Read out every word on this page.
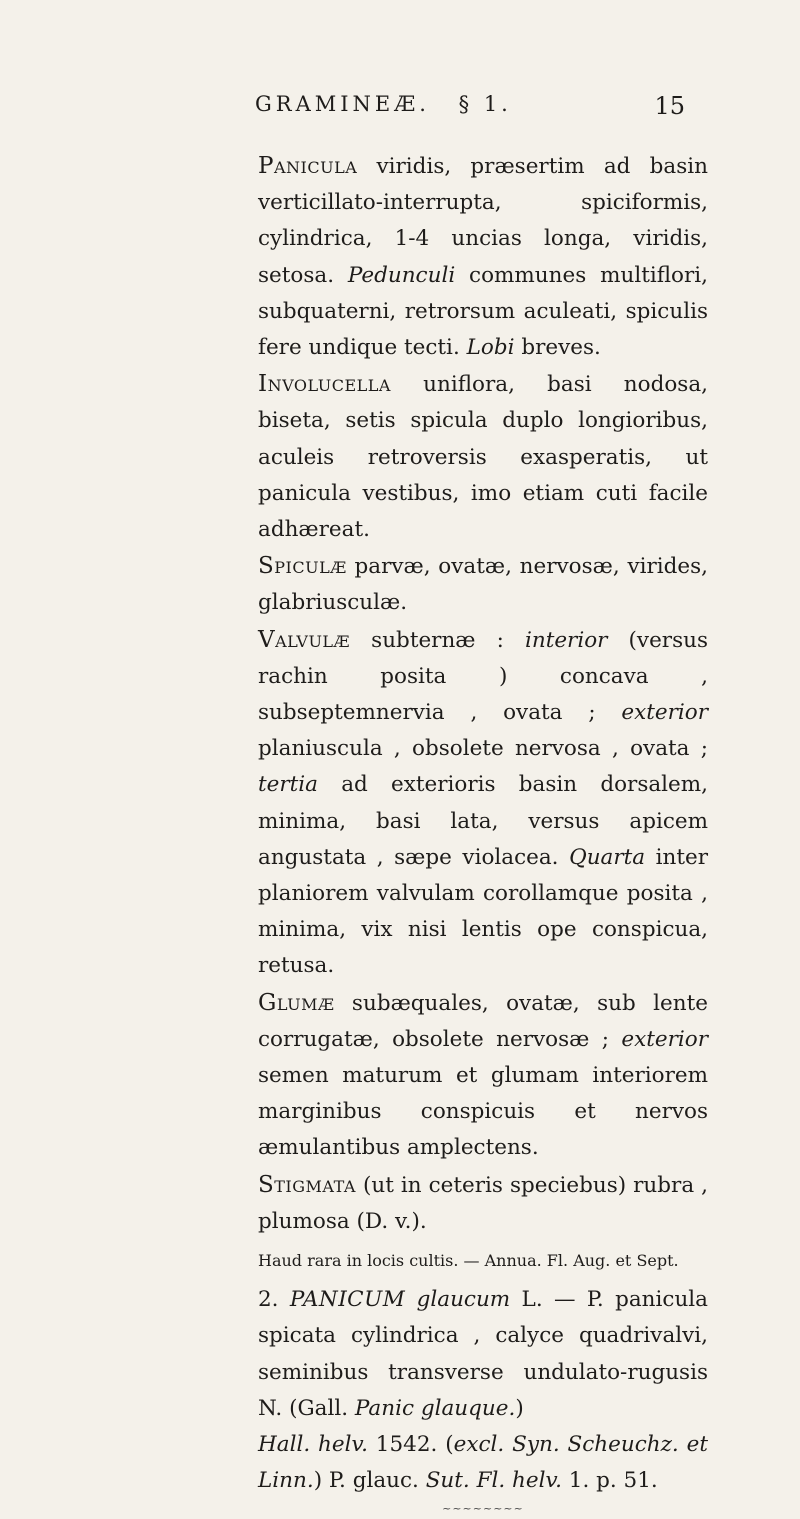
GRAMINEÆ. § 1.	15

Panicula viridis, præsertim ad basin verticillato-interrupta, spiciformis, cylindrica, 1-4 uncias longa, viridis, setosa. Pedunculi communes multiflori, subquaterni, retrorsum aculeati, spiculis fere undique tecti. Lobi breves.

Involucella uniflora, basi nodosa, biseta, setis spicula duplo longioribus, aculeis retroversis exasperatis, ut panicula vestibus, imo etiam cuti facile adhæreat.

Spiculæ parvæ, ovatæ, nervosæ, virides, glabriusculæ.

Valvulæ subternæ : interior (versus rachin posita ) concava , subseptemnervia , ovata ; exterior planiuscula , obsolete nervosa , ovata ; tertia ad exterioris basin dorsalem, minima, basi lata, versus apicem angustata , sæpe violacea. Quarta inter planiorem valvulam corollamque posita , minima, vix nisi lentis ope conspicua, retusa.

Glumæ subæquales, ovatæ, sub lente corrugatæ, obsolete nervosæ ; exterior semen maturum et glumam interiorem marginibus conspicuis et nervos æmulantibus amplectens.

Stigmata (ut in ceteris speciebus) rubra , plumosa (D. v.).

Haud rara in locis cultis. — Annua. Fl. Aug. et Sept.

2. PANICUM glaucum L. — P. panicula spicata cylindrica , calyce quadrivalvi, seminibus transverse undulato-rugusis N. (Gall. Panic glauque.)

Hall. helv. 1542. (excl. Syn. Scheuchz. et Linn.) P. glauc. Sut. Fl. helv. 1. p. 51.

~~~~~~~~
